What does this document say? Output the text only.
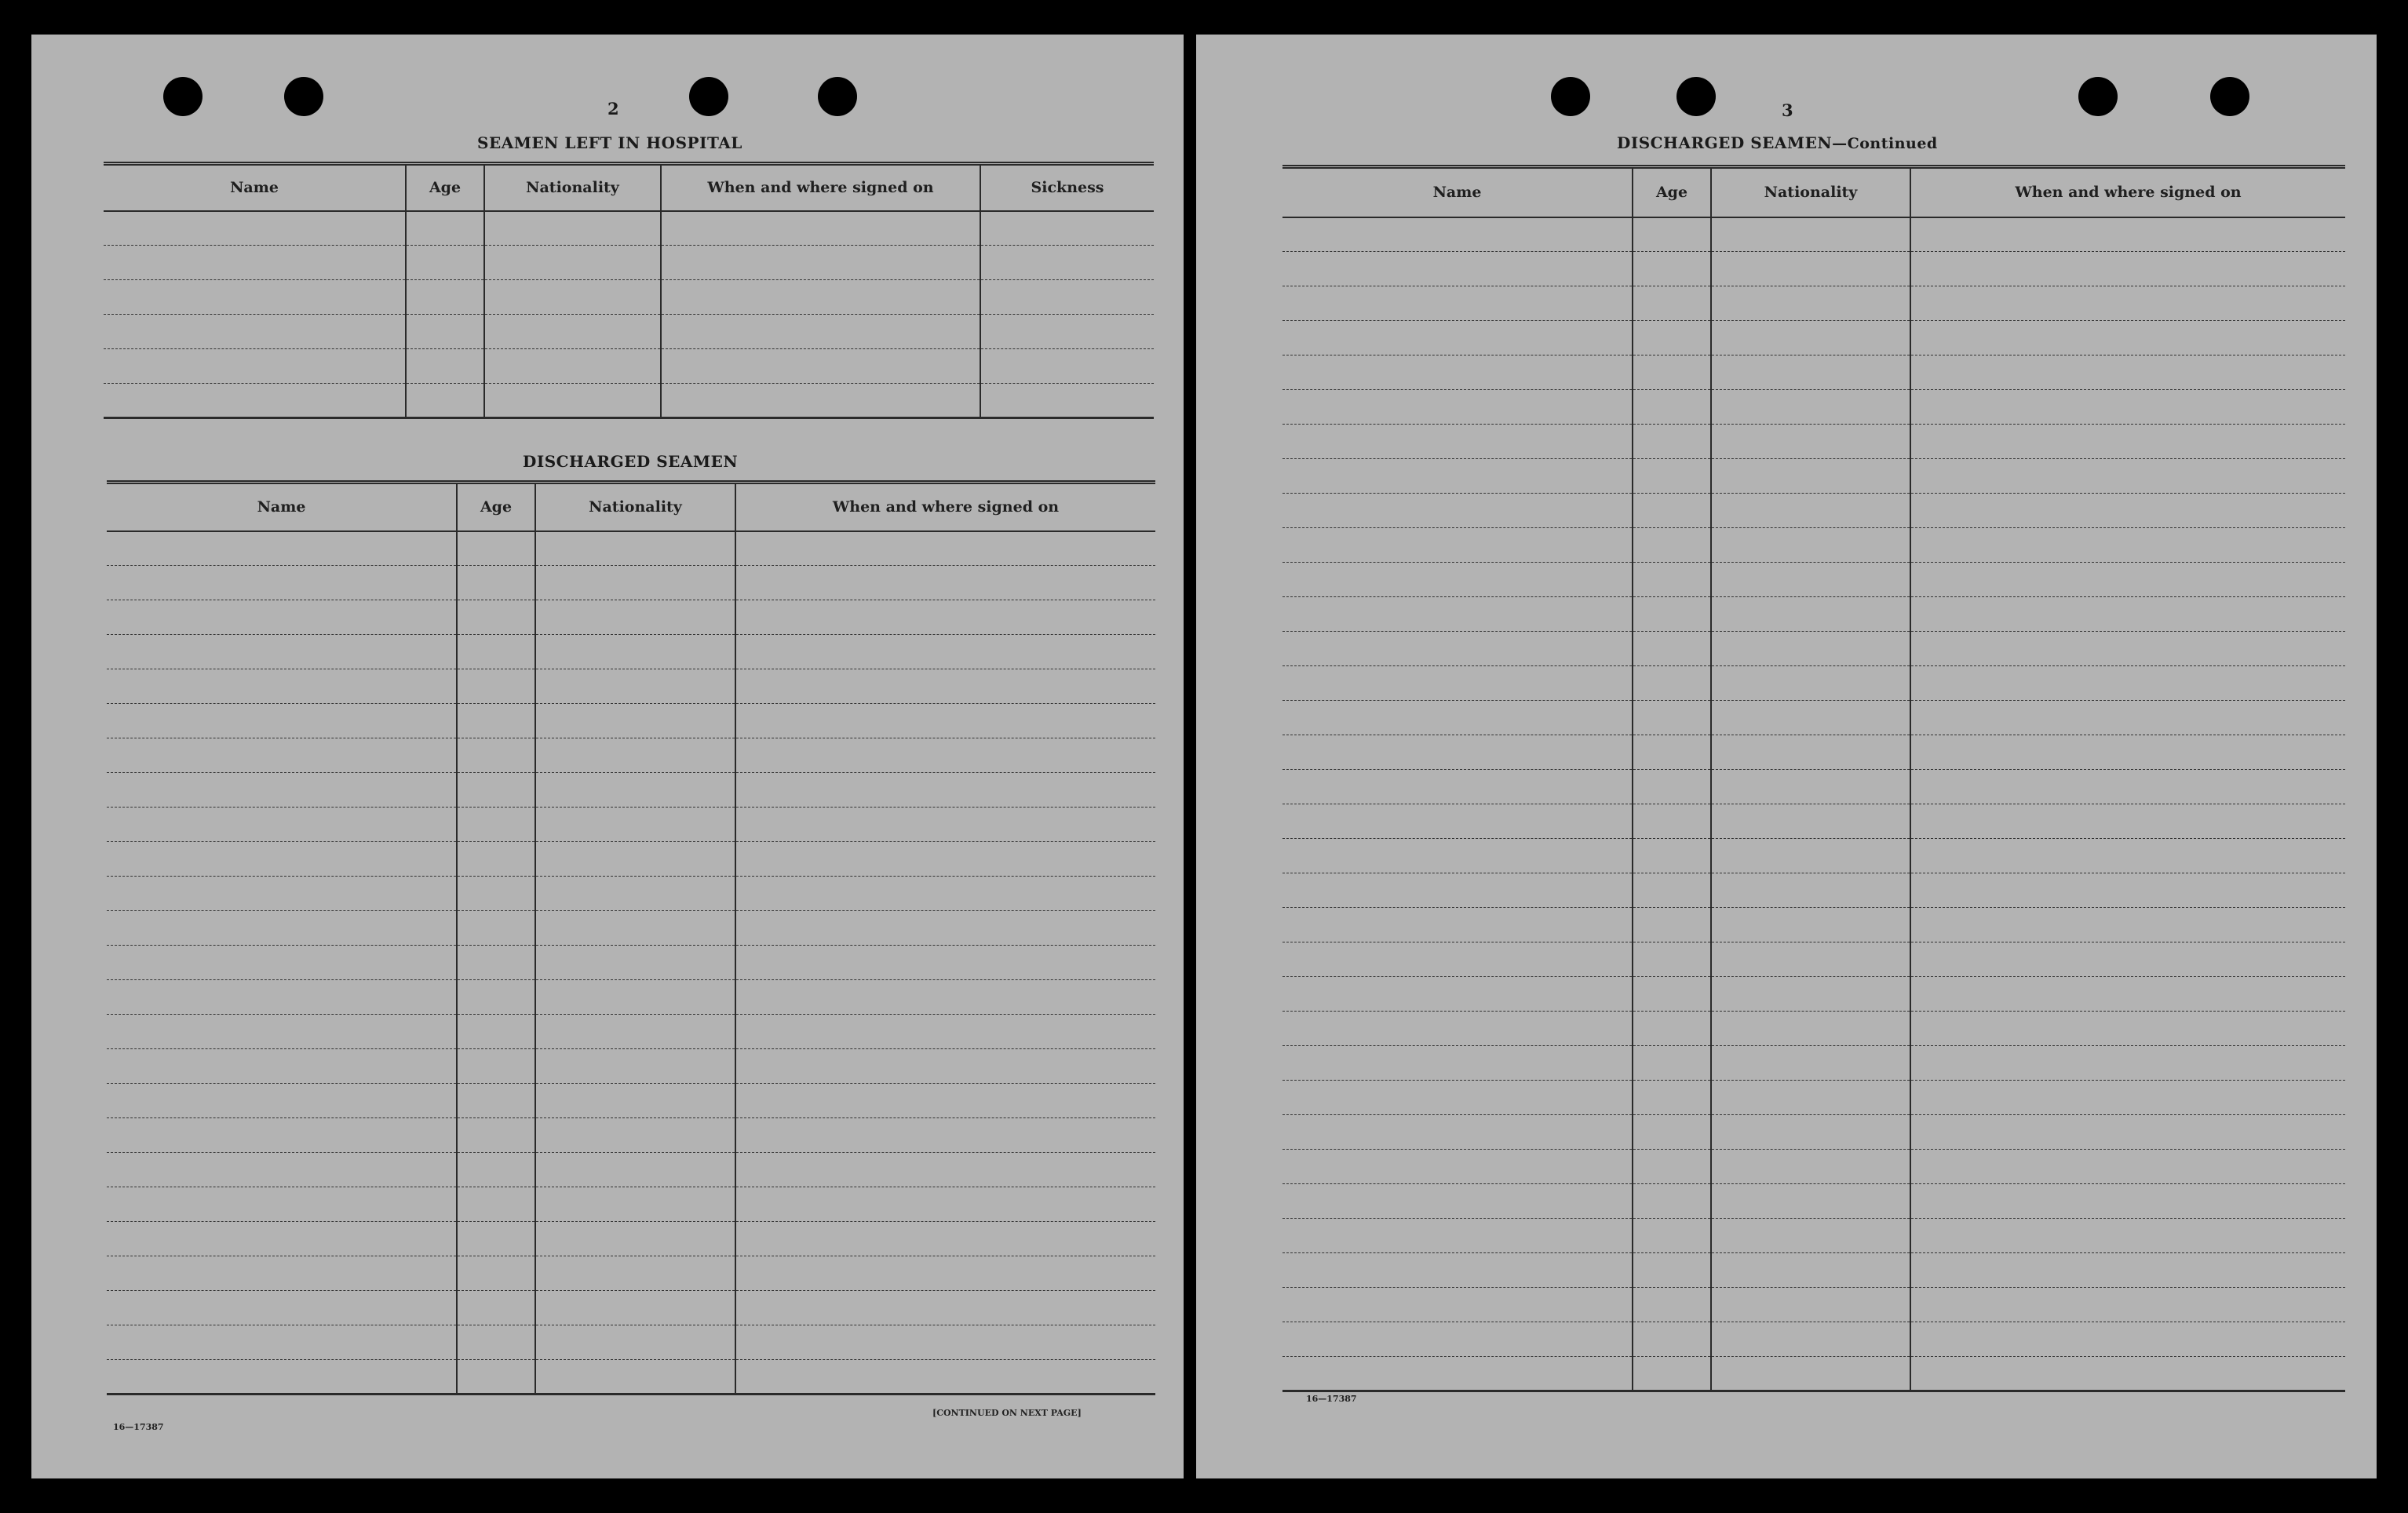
2
SEAMEN LEFT IN HOSPITAL
Name	Age	Nationality	When and where signed on	Sickness

DISCHARGED SEAMEN
Name	Age	Nationality	When and where signed on

16—17387
[CONTINUED ON NEXT PAGE]
3
DISCHARGED SEAMEN—Continued
Name	Age	Nationality	When and where signed on

16—17387
